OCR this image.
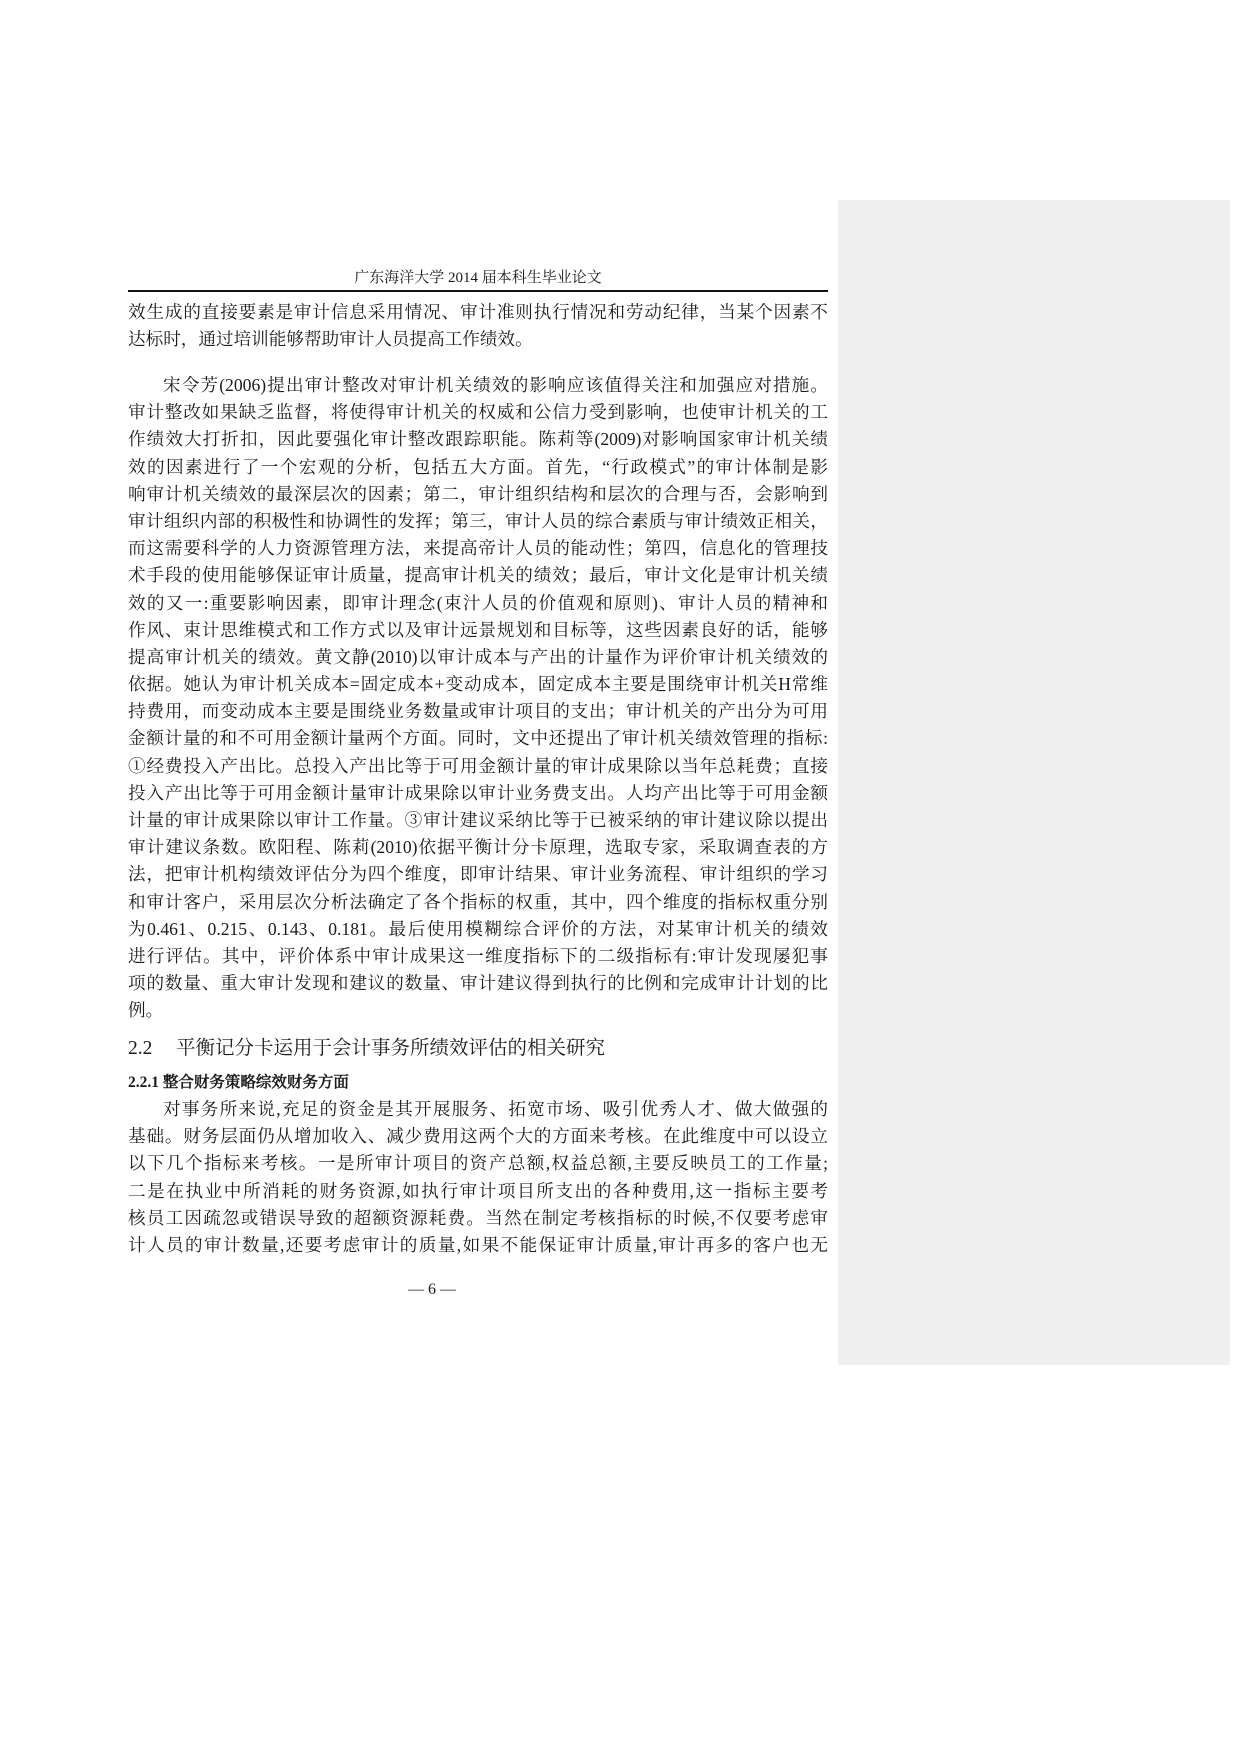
广东海洋大学 2014 届本科生毕业论文
效生成的直接要素是审计信息采用情况、审计准则执行情况和劳动纪律，当某个因素不
达标时，通过培训能够帮助审计人员提高工作绩效。
宋令芳(2006)提出审计整改对审计机关绩效的影响应该值得关注和加强应对措施。
审计整改如果缺乏监督，将使得审计机关的权威和公信力受到影响，也使审计机关的工
作绩效大打折扣，因此要强化审计整改跟踪职能。陈莉等(2009)对影响国家审计机关绩
效的因素进行了一个宏观的分析，包括五大方面。首先，“行政模式”的审计体制是影
响审计机关绩效的最深层次的因素；第二，审计组织结构和层次的合理与否，会影响到
审计组织内部的积极性和协调性的发挥；第三，审计人员的综合素质与审计绩效正相关，
而这需要科学的人力资源管理方法，来提高帝计人员的能动性；第四，信息化的管理技
术手段的使用能够保证审计质量，提高审计机关的绩效；最后，审计文化是审计机关绩
效的又一:重要影响因素，即审计理念(束汁人员的价值观和原则)、审计人员的精神和
作风、束计思维模式和工作方式以及审计远景规划和目标等，这些因素良好的话，能够
提高审计机关的绩效。黄文静(2010)以审计成本与产出的计量作为评价审计机关绩效的
依据。她认为审计机关成本=固定成本+变动成本，固定成本主要是围绕审计机关H常维
持费用，而变动成本主要是围绕业务数量或审计项目的支出；审计机关的产出分为可用
金额计量的和不可用金额计量两个方面。同时，文中还提出了审计机关绩效管理的指标:
①经费投入产出比。总投入产出比等于可用金额计量的审计成果除以当年总耗费；直接
投入产出比等于可用金额计量审计成果除以审计业务费支出。人均产出比等于可用金额
计量的审计成果除以审计工作量。③审计建议采纳比等于已被采纳的审计建议除以提出
审计建议条数。欧阳程、陈莉(2010)依据平衡计分卡原理，选取专家，采取调查表的方
法，把审计机构绩效评估分为四个维度，即审计结果、审计业务流程、审计组织的学习
和审计客户，采用层次分析法确定了各个指标的权重，其中，四个维度的指标权重分别
为0.461、0.215、0.143、0.181。最后使用模糊综合评价的方法，对某审计机关的绩效
进行评估。其中，评价体系中审计成果这一维度指标下的二级指标有:审计发现屡犯事
项的数量、重大审计发现和建议的数量、审计建议得到执行的比例和完成审计计划的比
例。
2.2 平衡记分卡运用于会计事务所绩效评估的相关研究
2.2.1 整合财务策略综效财务方面
对事务所来说,充足的资金是其开展服务、拓宽市场、吸引优秀人才、做大做强的
基础。财务层面仍从增加收入、减少费用这两个大的方面来考核。在此维度中可以设立
以下几个指标来考核。一是所审计项目的资产总额,权益总额,主要反映员工的工作量;
二是在执业中所消耗的财务资源,如执行审计项目所支出的各种费用,这一指标主要考
核员工因疏忽或错误导致的超额资源耗费。当然在制定考核指标的时候,不仅要考虑审
计人员的审计数量,还要考虑审计的质量,如果不能保证审计质量,审计再多的客户也无
— 6 —
